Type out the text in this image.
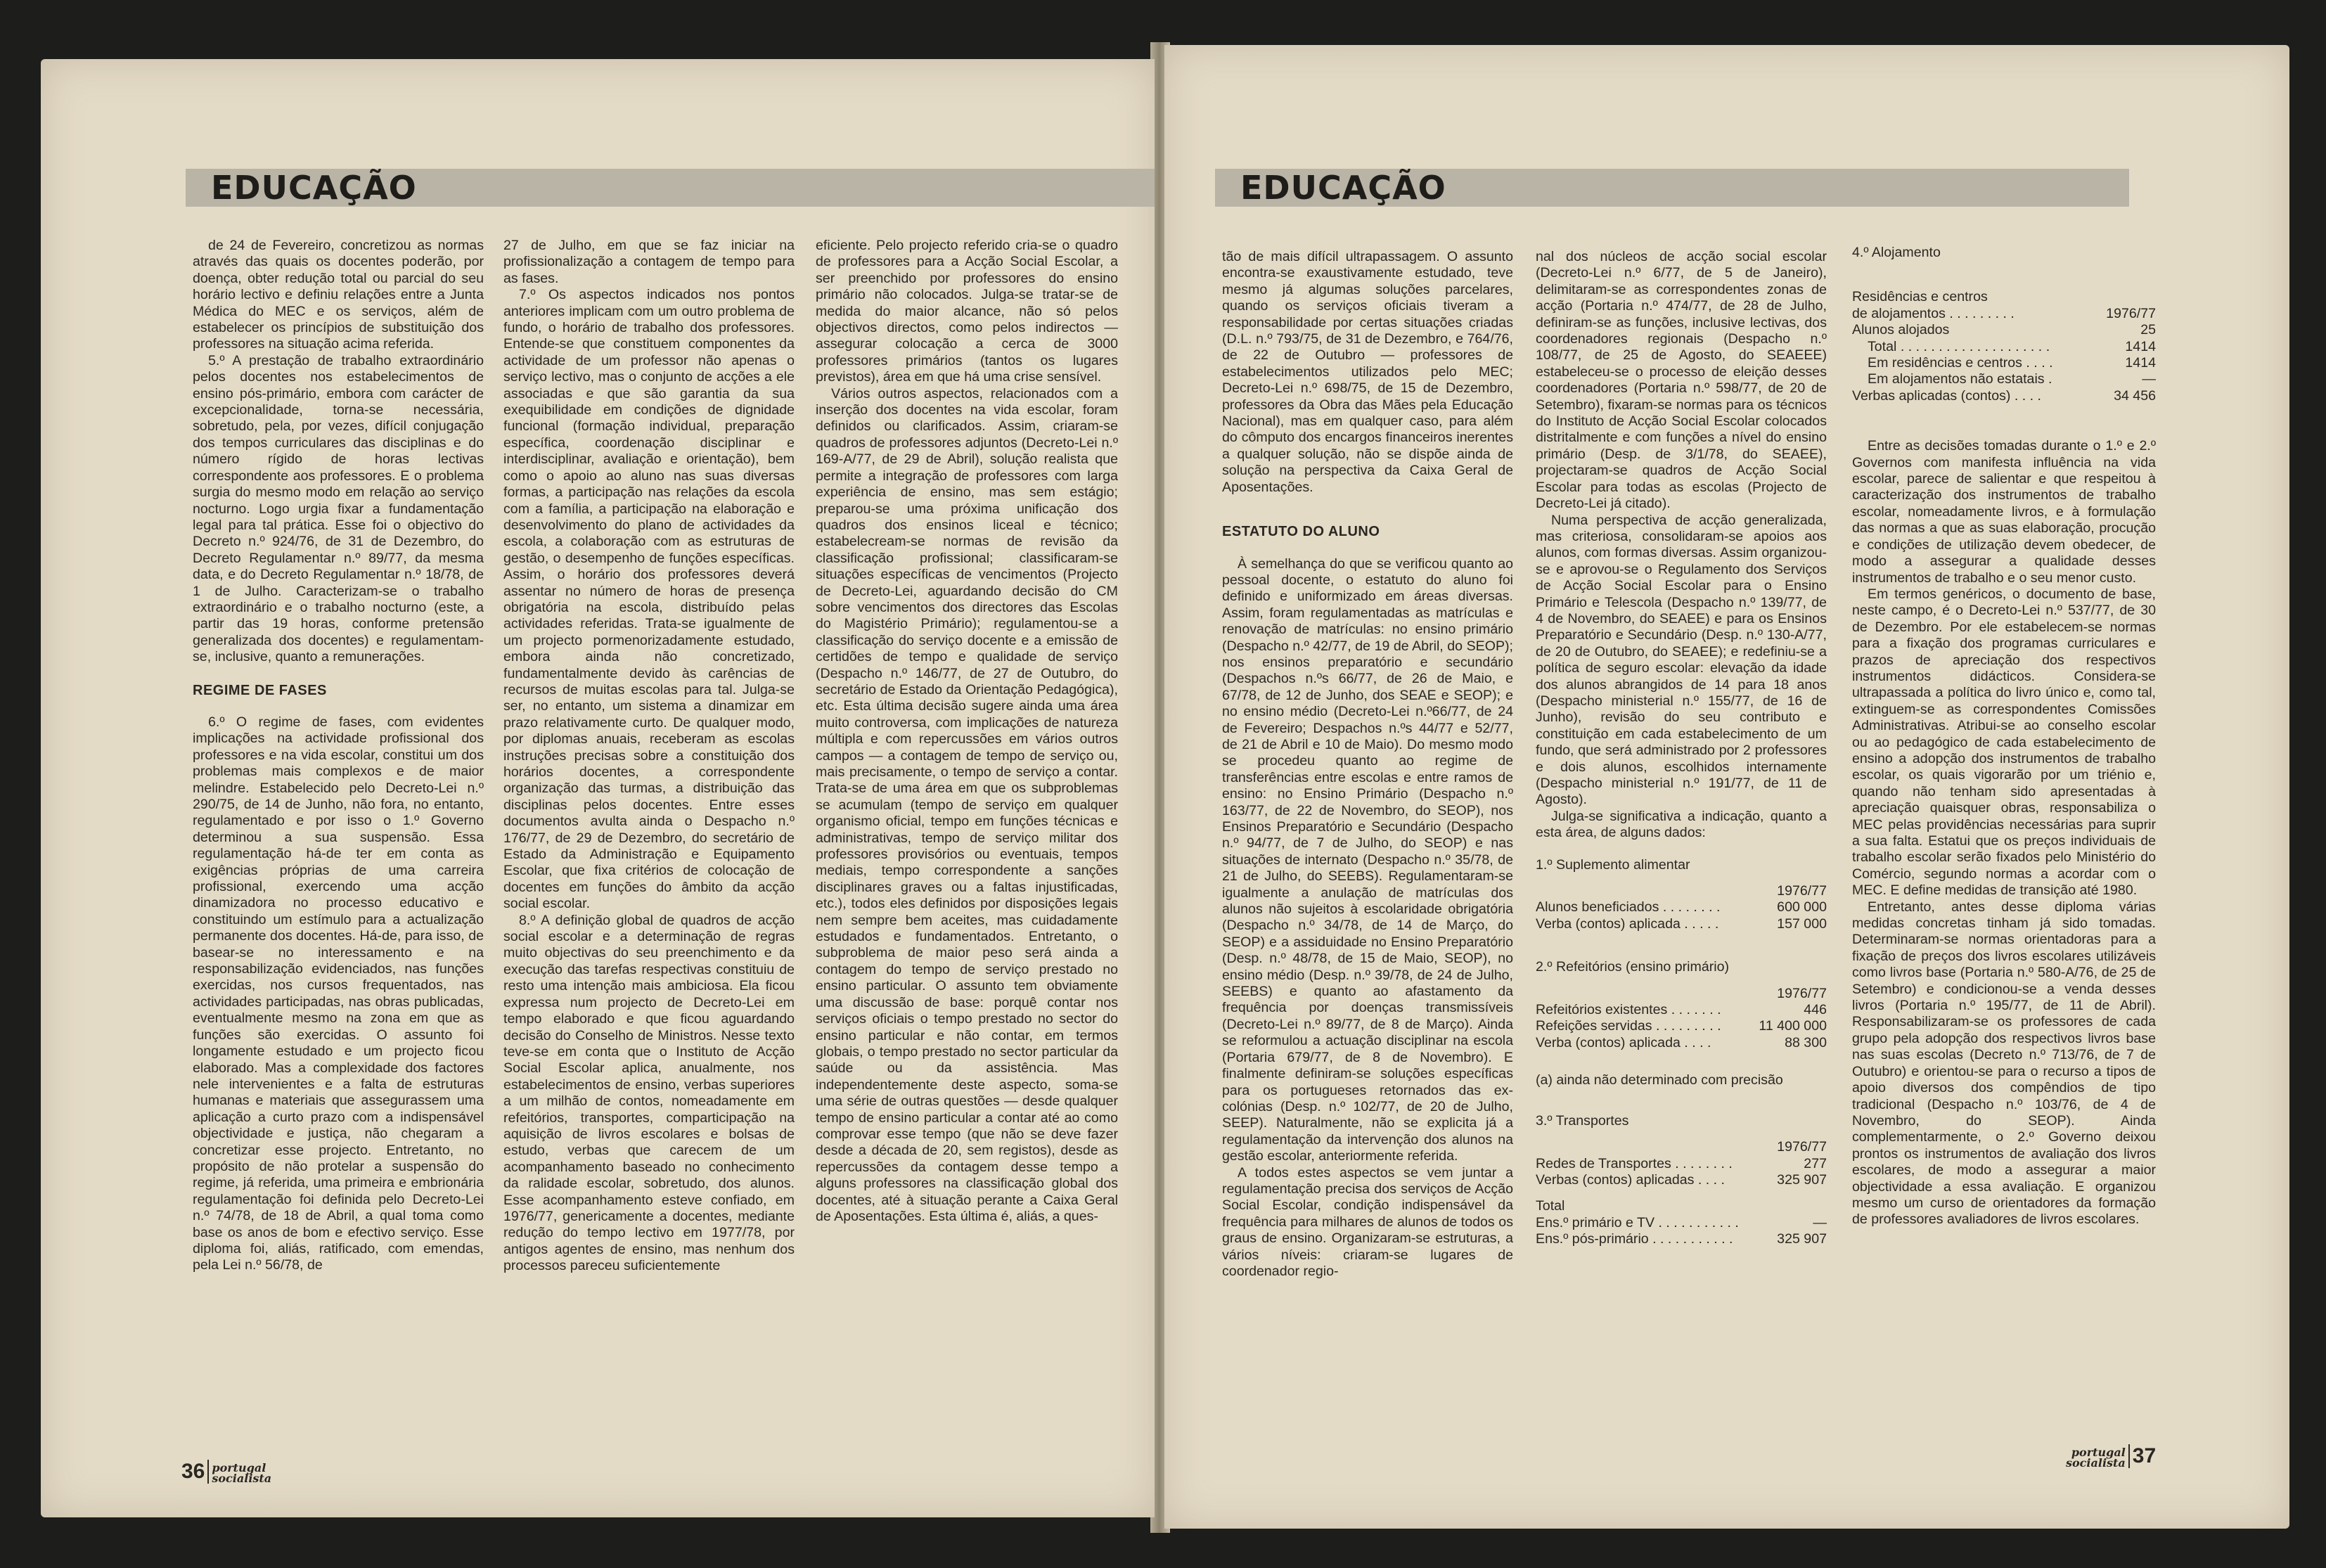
EDUCAÇÃO

de 24 de Fevereiro, concretizou as normas através das quais os docentes poderão, por doença, obter redução total ou parcial do seu horário lectivo e definiu relações entre a Junta Médica do MEC e os serviços, além de estabelecer os princípios de substituição dos professores na situação acima referida.

5.º A prestação de trabalho extraordinário pelos docentes nos estabelecimentos de ensino pós-primário, embora com carácter de excepcionalidade, torna-se necessária, sobretudo, pela, por vezes, difícil conjugação dos tempos curriculares das disciplinas e do número rígido de horas lectivas correspondente aos professores. E o problema surgia do mesmo modo em relação ao serviço nocturno. Logo urgia fixar a fundamentação legal para tal prática. Esse foi o objectivo do Decreto n.º 924/76, de 31 de Dezembro, do Decreto Regulamentar n.º 89/77, da mesma data, e do Decreto Regulamentar n.º 18/78, de 1 de Julho. Caracterizam-se o trabalho extraordinário e o trabalho nocturno (este, a partir das 19 horas, conforme pretensão generalizada dos docentes) e regulamentam-se, inclusive, quanto a remunerações.

REGIME DE FASES

6.º O regime de fases, com evidentes implicações na actividade profissional dos professores e na vida escolar, constitui um dos problemas mais complexos e de maior melindre. Estabelecido pelo Decreto-Lei n.º 290/75, de 14 de Junho, não fora, no entanto, regulamentado e por isso o 1.º Governo determinou a sua suspensão. Essa regulamentação há-de ter em conta as exigências próprias de uma carreira profissional, exercendo uma acção dinamizadora no processo educativo e constituindo um estímulo para a actualização permanente dos docentes. Há-de, para isso, de basear-se no interessamento e na responsabilização evidenciados, nas funções exercidas, nos cursos frequentados, nas actividades participadas, nas obras publicadas, eventualmente mesmo na zona em que as funções são exercidas. O assunto foi longamente estudado e um projecto ficou elaborado. Mas a complexidade dos factores nele intervenientes e a falta de estruturas humanas e materiais que assegurassem uma aplicação a curto prazo com a indispensável objectividade e justiça, não chegaram a concretizar esse projecto. Entretanto, no propósito de não protelar a suspensão do regime, já referida, uma primeira e embrionária regulamentação foi definida pelo Decreto-Lei n.º 74/78, de 18 de Abril, a qual toma como base os anos de bom e efectivo serviço. Esse diploma foi, aliás, ratificado, com emendas, pela Lei n.º 56/78, de

27 de Julho, em que se faz iniciar na profissionalização a contagem de tempo para as fases.

7.º Os aspectos indicados nos pontos anteriores implicam com um outro problema de fundo, o horário de trabalho dos professores. Entende-se que constituem componentes da actividade de um professor não apenas o serviço lectivo, mas o conjunto de acções a ele associadas e que são garantia da sua exequibilidade em condições de dignidade funcional (formação individual, preparação específica, coordenação disciplinar e interdisciplinar, avaliação e orientação), bem como o apoio ao aluno nas suas diversas formas, a participação nas relações da escola com a família, a participação na elaboração e desenvolvimento do plano de actividades da escola, a colaboração com as estruturas de gestão, o desempenho de funções específicas. Assim, o horário dos professores deverá assentar no número de horas de presença obrigatória na escola, distribuído pelas actividades referidas. Trata-se igualmente de um projecto pormenorizadamente estudado, embora ainda não concretizado, fundamentalmente devido às carências de recursos de muitas escolas para tal. Julga-se ser, no entanto, um sistema a dinamizar em prazo relativamente curto. De qualquer modo, por diplomas anuais, receberam as escolas instruções precisas sobre a constituição dos horários docentes, a correspondente organização das turmas, a distribuição das disciplinas pelos docentes. Entre esses documentos avulta ainda o Despacho n.º 176/77, de 29 de Dezembro, do secretário de Estado da Administração e Equipamento Escolar, que fixa critérios de colocação de docentes em funções do âmbito da acção social escolar.

8.º A definição global de quadros de acção social escolar e a determinação de regras muito objectivas do seu preenchimento e da execução das tarefas respectivas constituiu de resto uma intenção mais ambiciosa. Ela ficou expressa num projecto de Decreto-Lei em tempo elaborado e que ficou aguardando decisão do Conselho de Ministros. Nesse texto teve-se em conta que o Instituto de Acção Social Escolar aplica, anualmente, nos estabelecimentos de ensino, verbas superiores a um milhão de contos, nomeadamente em refeitórios, transportes, comparticipação na aquisição de livros escolares e bolsas de estudo, verbas que carecem de um acompanhamento baseado no conhecimento da ralidade escolar, sobretudo, dos alunos. Esse acompanhamento esteve confiado, em 1976/77, genericamente a docentes, mediante redução do tempo lectivo em 1977/78, por antigos agentes de ensino, mas nenhum dos processos pareceu suficientemente

eficiente. Pelo projecto referido cria-se o quadro de professores para a Acção Social Escolar, a ser preenchido por professores do ensino primário não colocados. Julga-se tratar-se de medida do maior alcance, não só pelos objectivos directos, como pelos indirectos — assegurar colocação a cerca de 3000 professores primários (tantos os lugares previstos), área em que há uma crise sensível.

Vários outros aspectos, relacionados com a inserção dos docentes na vida escolar, foram definidos ou clarificados. Assim, criaram-se quadros de professores adjuntos (Decreto-Lei n.º 169-A/77, de 29 de Abril), solução realista que permite a integração de professores com larga experiência de ensino, mas sem estágio; preparou-se uma próxima unificação dos quadros dos ensinos liceal e técnico; estabelecream-se normas de revisão da classificação profissional; classificaram-se situações específicas de vencimentos (Projecto de Decreto-Lei, aguardando decisão do CM sobre vencimentos dos directores das Escolas do Magistério Primário); regulamentou-se a classificação do serviço docente e a emissão de certidões de tempo e qualidade de serviço (Despacho n.º 146/77, de 27 de Outubro, do secretário de Estado da Orientação Pedagógica), etc. Esta última decisão sugere ainda uma área muito controversa, com implicações de natureza múltipla e com repercussões em vários outros campos — a contagem de tempo de serviço ou, mais precisamente, o tempo de serviço a contar. Trata-se de uma área em que os subproblemas se acumulam (tempo de serviço em qualquer organismo oficial, tempo em funções técnicas e administrativas, tempo de serviço militar dos professores provisórios ou eventuais, tempos mediais, tempo correspondente a sanções disciplinares graves ou a faltas injustificadas, etc.), todos eles definidos por disposições legais nem sempre bem aceites, mas cuidadamente estudados e fundamentados. Entretanto, o subproblema de maior peso será ainda a contagem do tempo de serviço prestado no ensino particular. O assunto tem obviamente uma discussão de base: porquê contar nos serviços oficiais o tempo prestado no sector do ensino particular e não contar, em termos globais, o tempo prestado no sector particular da saúde ou da assistência. Mas independentemente deste aspecto, soma-se uma série de outras questões — desde qualquer tempo de ensino particular a contar até ao como comprovar esse tempo (que não se deve fazer desde a década de 20, sem registos), desde as repercussões da contagem desse tempo a alguns professores na classificação global dos docentes, até à situação perante a Caixa Geral de Aposentações. Esta última é, aliás, a ques-

36 portugal
socialista
EDUCAÇÃO

tão de mais difícil ultrapassagem. O assunto encontra-se exaustivamente estudado, teve mesmo já algumas soluções parcelares, quando os serviços oficiais tiveram a responsabilidade por certas situações criadas (D.L. n.º 793/75, de 31 de Dezembro, e 764/76, de 22 de Outubro — professores de estabelecimentos utilizados pelo MEC; Decreto-Lei n.º 698/75, de 15 de Dezembro, professores da Obra das Mães pela Educação Nacional), mas em qualquer caso, para além do cômputo dos encargos financeiros inerentes a qualquer solução, não se dispõe ainda de solução na perspectiva da Caixa Geral de Aposentações.

ESTATUTO DO ALUNO

À semelhança do que se verificou quanto ao pessoal docente, o estatuto do aluno foi definido e uniformizado em áreas diversas. Assim, foram regulamentadas as matrículas e renovação de matrículas: no ensino primário (Despacho n.º 42/77, de 19 de Abril, do SEOP); nos ensinos preparatório e secundário (Despachos n.ºs 66/77, de 26 de Maio, e 67/78, de 12 de Junho, dos SEAE e SEOP); e no ensino médio (Decreto-Lei n.º66/77, de 24 de Fevereiro; Despachos n.ºs 44/77 e 52/77, de 21 de Abril e 10 de Maio). Do mesmo modo se procedeu quanto ao regime de transferências entre escolas e entre ramos de ensino: no Ensino Primário (Despacho n.º 163/77, de 22 de Novembro, do SEOP), nos Ensinos Preparatório e Secundário (Despacho n.º 94/77, de 7 de Julho, do SEOP) e nas situações de internato (Despacho n.º 35/78, de 21 de Julho, do SEEBS). Regulamentaram-se igualmente a anulação de matrículas dos alunos não sujeitos à escolaridade obrigatória (Despacho n.º 34/78, de 14 de Março, do SEOP) e a assiduidade no Ensino Preparatório (Desp. n.º 48/78, de 15 de Maio, SEOP), no ensino médio (Desp. n.º 39/78, de 24 de Julho, SEEBS) e quanto ao afastamento da frequência por doenças transmissíveis (Decreto-Lei n.º 89/77, de 8 de Março). Ainda se reformulou a actuação disciplinar na escola (Portaria 679/77, de 8 de Novembro). E finalmente definiram-se soluções específicas para os portugueses retornados das ex-colónias (Desp. n.º 102/77, de 20 de Julho, SEEP). Naturalmente, não se explicita já a regulamentação da intervenção dos alunos na gestão escolar, anteriormente referida.

A todos estes aspectos se vem juntar a regulamentação precisa dos serviços de Acção Social Escolar, condição indispensável da frequência para milhares de alunos de todos os graus de ensino. Organizaram-se estruturas, a vários níveis: criaram-se lugares de coordenador regio-

nal dos núcleos de acção social escolar (Decreto-Lei n.º 6/77, de 5 de Janeiro), delimitaram-se as correspondentes zonas de acção (Portaria n.º 474/77, de 28 de Julho, definiram-se as funções, inclusive lectivas, dos coordenadores regionais (Despacho n.º 108/77, de 25 de Agosto, do SEAEEE) estabeleceu-se o processo de eleição desses coordenadores (Portaria n.º 598/77, de 20 de Setembro), fixaram-se normas para os técnicos do Instituto de Acção Social Escolar colocados distritalmente e com funções a nível do ensino primário (Desp. de 3/1/78, do SEAEE), projectaram-se quadros de Acção Social Escolar para todas as escolas (Projecto de Decreto-Lei já citado).

Numa perspectiva de acção generalizada, mas criteriosa, consolidaram-se apoios aos alunos, com formas diversas. Assim organizou-se e aprovou-se o Regulamento dos Serviços de Acção Social Escolar para o Ensino Primário e Telescola (Despacho n.º 139/77, de 4 de Novembro, do SEAEE) e para os Ensinos Preparatório e Secundário (Desp. n.º 130-A/77, de 20 de Outubro, do SEAEE); e redefiniu-se a política de seguro escolar: elevação da idade dos alunos abrangidos de 14 para 18 anos (Despacho ministerial n.º 155/77, de 16 de Junho), revisão do seu contributo e constituição em cada estabelecimento de um fundo, que será administrado por 2 professores e dois alunos, escolhidos internamente (Despacho ministerial n.º 191/77, de 11 de Agosto).

Julga-se significativa a indicação, quanto a esta área, de alguns dados:

1.º Suplemento alimentar
	1976/77
Alunos beneficiados . . . . . . . .	600 000
Verba (contos) aplicada . . . . .	157 000
2.º Refeitórios (ensino primário)
	1976/77
Refeitórios existentes . . . . . . .	446
Refeições servidas . . . . . . . . .	11 400 000
Verba (contos) aplicada . . . .	88 300
(a) ainda não determinado com precisão
3.º Transportes
	1976/77
Redes de Transportes . . . . . . . .	277
Verbas (contos) aplicadas . . . .	325 907
Total	
Ens.º primário e TV . . . . . . . . . . .	—
Ens.º pós-primário . . . . . . . . . . .	325 907
4.º Alojamento
Residências e centros	
de alojamentos . . . . . . . . .	1976/77
Alunos alojados	25
Total . . . . . . . . . . . . . . . . . . . .	1414
Em residências e centros . . . .	1414
Em alojamentos não estatais .	—
Verbas aplicadas (contos) . . . .	34 456

Entre as decisões tomadas durante o 1.º e 2.º Governos com manifesta influência na vida escolar, parece de salientar e que respeitou à caracterização dos instrumentos de trabalho escolar, nomeadamente livros, e à formulação das normas a que as suas elaboração, procução e condições de utilização devem obedecer, de modo a assegurar a qualidade desses instrumentos de trabalho e o seu menor custo.

Em termos genéricos, o documento de base, neste campo, é o Decreto-Lei n.º 537/77, de 30 de Dezembro. Por ele estabelecem-se normas para a fixação dos programas curriculares e prazos de apreciação dos respectivos instrumentos didácticos. Considera-se ultrapassada a política do livro único e, como tal, extinguem-se as correspondentes Comissões Administrativas. Atribui-se ao conselho escolar ou ao pedagógico de cada estabelecimento de ensino a adopção dos instrumentos de trabalho escolar, os quais vigorarão por um triénio e, quando não tenham sido apresentadas à apreciação quaisquer obras, responsabiliza o MEC pelas providências necessárias para suprir a sua falta. Estatui que os preços individuais de trabalho escolar serão fixados pelo Ministério do Comércio, segundo normas a acordar com o MEC. E define medidas de transição até 1980.

Entretanto, antes desse diploma várias medidas concretas tinham já sido tomadas. Determinaram-se normas orientadoras para a fixação de preços dos livros escolares utilizáveis como livros base (Portaria n.º 580-A/76, de 25 de Setembro) e condicionou-se a venda desses livros (Portaria n.º 195/77, de 11 de Abril). Responsabilizaram-se os professores de cada grupo pela adopção dos respectivos livros base nas suas escolas (Decreto n.º 713/76, de 7 de Outubro) e orientou-se para o recurso a tipos de apoio diversos dos compêndios de tipo tradicional (Despacho n.º 103/76, de 4 de Novembro, do SEOP). Ainda complementarmente, o 2.º Governo deixou prontos os instrumentos de avaliação dos livros escolares, de modo a assegurar a maior objectividade a essa avaliação. E organizou mesmo um curso de orientadores da formação de professores avaliadores de livros escolares.

portugal
socialista 37
